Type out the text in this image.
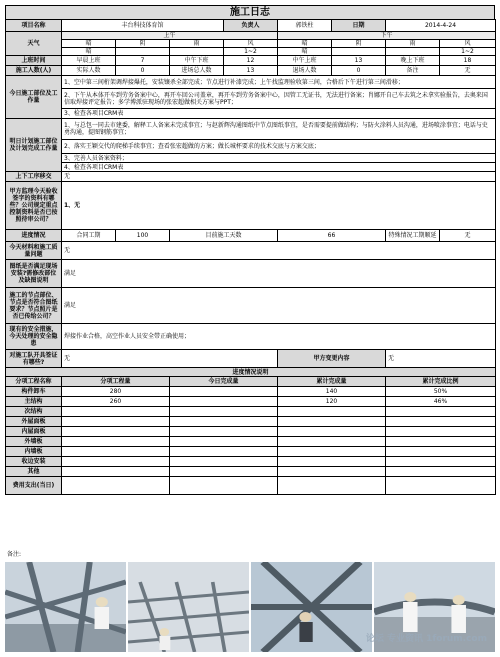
施工日志
项目名称	丰台科技体育馆			负责人	郭铁柱	日期	2014-4-24	
天气	上午				下午			
	晴	阴	雨	风	晴	阴	雨	风
	晴			1~2	晴			1~2
上班时间	早晨上班	7	中午下班	12	中午上班	13	晚上下班	18
施工人数(人)	实际人数	0	进场总人数	13	退场人数	0	备注	无
今日施工部位及工作量	1、空中第三间桁架调焊接爆托，安装镶杀全部完成；节点进行补漆完成；上午找监理验收第三间，合格后下午进行第三间滑移；							
	2、下午从本体开车到劳务备案中心，再开车回公司盖章，再开车到劳务备案中心，因管工无证书，无法进行备案；肖娜开自己车去筑之未拿实验报告，去奥来国信取焊接评定报告；多学博派驻现场的张宏超做相关方案与PPT；							
	3、检查各项目CRM表							
明日计划施工部位及计划完成工作量	1、与总包一同去市建委，解释工人备案未完成事宜；与赵新辉沟通图纸中节点图纸事宜，是否需要提前做结构；与防火涂料人员沟通，进场喷涂事宜；电话与史勇沟通，提图钢筋事宜；							
	2、落实王颖交代的爬梯手续事宜；查看张宏超做的方案；做长城杯要求的技术交底与方案交底；							
	3、完善人员备案资料；							
	4、检查各项目CRM表							
上下工序移交	无							
甲方监理今天验收签字的资料有哪些？公司规定重点控制资料是否已按照待审公司？	1、无							
进度情况	合同工期	100	目前施工天数		66		特殊情况工期顺延	无
今天材料和施工质量问题	无							
图纸是否满足现场安装?需修改部位及缺图说明	满足							
施工的节点部位、节点是否符合图纸要求？节点照片是否已传给公司？	满足							
现有的安全措施，今天处理的安全隐患	焊接作业合格，高空作业人员安全带正确使用；							
对施工队开具签证有哪些?	无				甲方变更内容		无	
进度情况说明								
分项工程名称	分项工程量		今日完成量		累计完成量		累计完成比例	
构件卸车	280				140		50%	
主结构	260				120		46%	
次结构								
外屋面板								
内屋面板								
外墙板								
内墙板								
收边安装								
其他								
费用支出(当日)								
备注:
论坛 专业资讯 1forum.com
